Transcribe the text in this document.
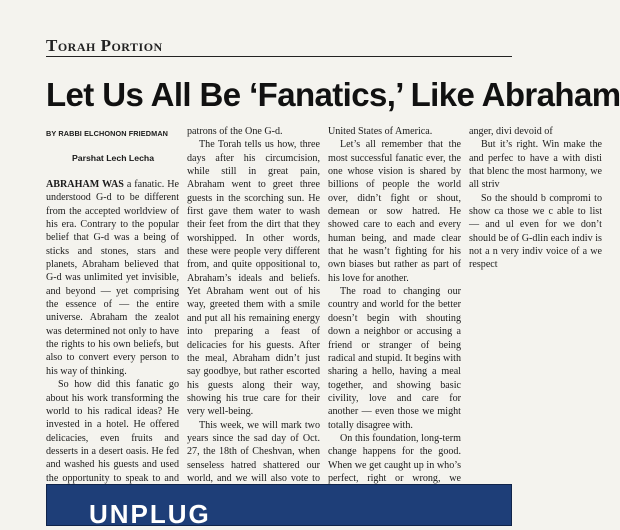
Torah Portion
Let Us All Be ‘Fanatics,’ Like Abraham
BY RABBI ELCHONON FRIEDMAN
Parshat Lech Lecha

ABRAHAM WAS a fanatic. He understood G-d to be different from the accepted worldview of his era. Contrary to the popular belief that G-d was a being of sticks and stones, stars and planets, Abraham believed that G-d was unlimited yet invisible, and beyond — yet comprising the essence of — the entire universe. Abraham the zealot was determined not only to have the rights to his own beliefs, but also to convert every person to his way of thinking.

So how did this fanatic go about his work transforming the world to his radical ideas? He invested in a hotel. He offered delicacies, even fruits and desserts in a desert oasis. He fed and washed his guests and used the opportunity to speak to and

patrons of the One G-d.

The Torah tells us how, three days after his circumcision, while still in great pain, Abraham went to greet three guests in the scorching sun. He first gave them water to wash their feet from the dirt that they worshipped. In other words, these were people very different from, and quite oppositional to, Abraham’s ideals and beliefs. Yet Abraham went out of his way, greeted them with a smile and put all his remaining energy into preparing a feast of delicacies for his guests. After the meal, Abraham didn’t just say goodbye, but rather escorted his guests along their way, showing his true care for their very well-being.

This week, we will mark two years since the sad day of Oct. 27, the 18th of Cheshvan, when senseless hatred shattered our world, and we will also vote to

United States of America.

Let’s all remember that the most successful fanatic ever, the one whose vision is shared by billions of people the world over, didn’t fight or shout, demean or sow hatred. He showed care to each and every human being, and made clear that he wasn’t fighting for his own biases but rather as part of his love for another.

The road to changing our country and world for the better doesn’t begin with shouting down a neighbor or accusing a friend or stranger of being radical and stupid. It begins with sharing a hello, having a meal together, and showing basic civility, love and care for another — even those we might totally disagree with.

On this foundation, long-term change happens for the good. When we get caught up in who’s perfect, right or wrong, we

anger, divi devoid of

But it’s right. Win make the and perfec to have a with disti that blenc the most harmony, we all striv

So the should b compromi to show ca those we c able to list — and ul even for we don’t should be of G-dlin each indiv is not a n very indiv voice of a we respect

UNPLUG
